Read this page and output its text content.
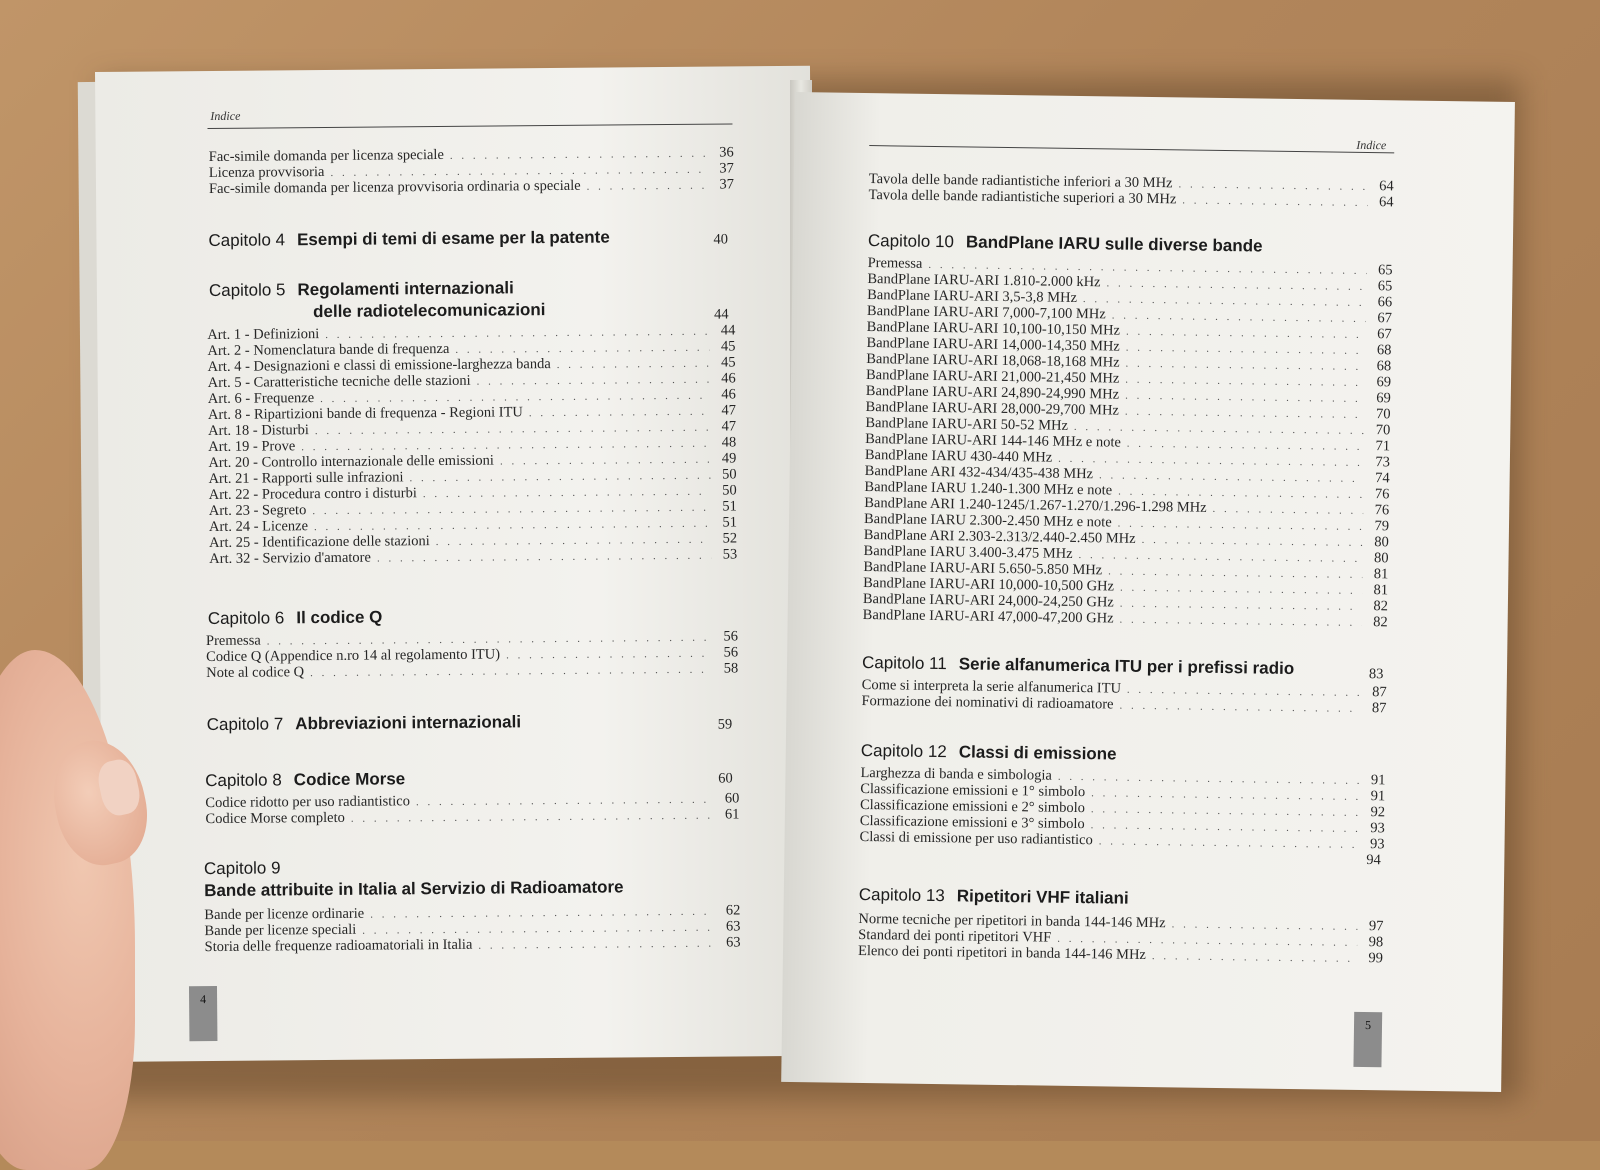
Indice
Fac-simile domanda per licenza speciale . . .	36
Licenza provvisoria . . .	37
Fac-simile domanda per licenza provvisoria ordinaria o speciale . . .	37
Capitolo 4 Esempi di temi di esame per la patente	40
Capitolo 5 Regolamenti internazionali
delle radiotelecomunicazioni	44
Art. 1 - Definizioni . . .	44
Art. 2 - Nomenclatura bande di frequenza . . .	45
Art. 4 - Designazioni e classi di emissione-larghezza banda . . .	45
Art. 5 - Caratteristiche tecniche delle stazioni . . .	46
Art. 6 - Frequenze . . .	46
Art. 8 - Ripartizioni bande di frequenza - Regioni ITU . . .	47
Art. 18 - Disturbi . . .	47
Art. 19 - Prove . . .	48
Art. 20 - Controllo internazionale delle emissioni . . .	49
Art. 21 - Rapporti sulle infrazioni . . .	50
Art. 22 - Procedura contro i disturbi . . .	50
Art. 23 - Segreto . . .	51
Art. 24 - Licenze . . .	51
Art. 25 - Identificazione delle stazioni . . .	52
Art. 32 - Servizio d'amatore . . .	53
Capitolo 6 Il codice Q
Premessa . . .	56
Codice Q (Appendice n.ro 14 al regolamento ITU) . . .	56
Note al codice Q . . .	58
Capitolo 7 Abbreviazioni internazionali	59
Capitolo 8 Codice Morse	60
Codice ridotto per uso radiantistico . . .	60
Codice Morse completo . . .	61
Capitolo 9
Bande attribuite in Italia al Servizio di Radioamatore
Bande per licenze ordinarie . . .	62
Bande per licenze speciali . . .	63
Storia delle frequenze radioamatoriali in Italia . . .	63
4
Indice
Tavola delle bande radiantistiche inferiori a 30 MHz . . .	64
Tavola delle bande radiantistiche superiori a 30 MHz . . .	64
Capitolo 10 BandPlane IARU sulle diverse bande
Premessa . . .	65
BandPlane IARU-ARI 1.810-2.000 kHz . . .	65
BandPlane IARU-ARI 3,5-3,8 MHz . . .	66
BandPlane IARU-ARI 7,000-7,100 MHz . . .	67
BandPlane IARU-ARI 10,100-10,150 MHz . . .	67
BandPlane IARU-ARI 14,000-14,350 MHz . . .	68
BandPlane IARU-ARI 18,068-18,168 MHz . . .	68
BandPlane IARU-ARI 21,000-21,450 MHz . . .	69
BandPlane IARU-ARI 24,890-24,990 MHz . . .	69
BandPlane IARU-ARI 28,000-29,700 MHz . . .	70
BandPlane IARU-ARI 50-52 MHz . . .	70
BandPlane IARU-ARI 144-146 MHz e note . . .	71
BandPlane IARU 430-440 MHz . . .	73
BandPlane ARI 432-434/435-438 MHz . . .	74
BandPlane IARU 1.240-1.300 MHz e note . . .	76
BandPlane ARI 1.240-1245/1.267-1.270/1.296-1.298 MHz . . .	76
BandPlane IARU 2.300-2.450 MHz e note . . .	79
BandPlane ARI 2.303-2.313/2.440-2.450 MHz . . .	80
BandPlane IARU 3.400-3.475 MHz . . .	80
BandPlane IARU-ARI 5.650-5.850 MHz . . .	81
BandPlane IARU-ARI 10,000-10,500 GHz . . .	81
BandPlane IARU-ARI 24,000-24,250 GHz . . .	82
BandPlane IARU-ARI 47,000-47,200 GHz . . .	82
Capitolo 11 Serie alfanumerica ITU per i prefissi radio	83
Come si interpreta la serie alfanumerica ITU . . .	87
Formazione dei nominativi di radioamatore . . .	87
Capitolo 12 Classi di emissione
Larghezza di banda e simbologia . . .	91
Classificazione emissioni e 1° simbolo . . .	91
Classificazione emissioni e 2° simbolo . . .	92
Classificazione emissioni e 3° simbolo . . .	93
Classi di emissione per uso radiantistico . . .	93
94
Capitolo 13 Ripetitori VHF italiani
Norme tecniche per ripetitori in banda 144-146 MHz . . .	97
Standard dei ponti ripetitori VHF . . .	98
Elenco dei ponti ripetitori in banda 144-146 MHz . . .	99
5
